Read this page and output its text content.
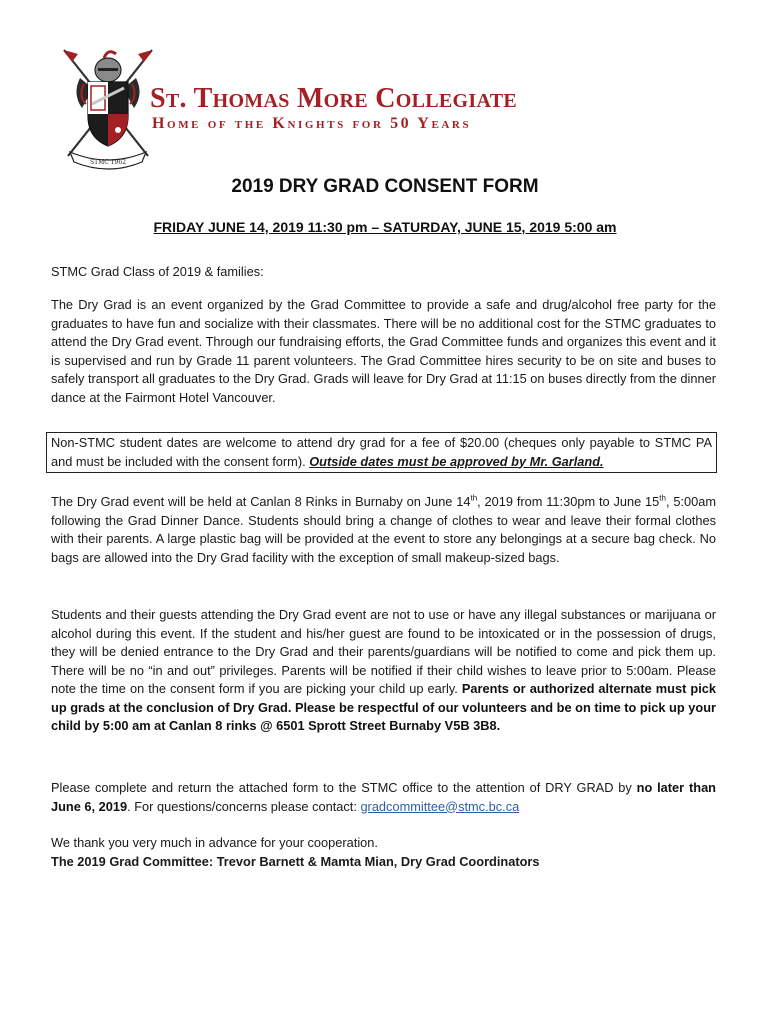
STMC 1962
St. Thomas More Collegiate
Home of the Knights for 50 Years
2019 DRY GRAD CONSENT FORM
FRIDAY JUNE 14, 2019 11:30 pm – SATURDAY, JUNE 15, 2019 5:00 am
STMC Grad Class of 2019 & families:
The Dry Grad is an event organized by the Grad Committee to provide a safe and drug/alcohol free party for the graduates to have fun and socialize with their classmates. There will be no additional cost for the STMC graduates to attend the Dry Grad event. Through our fundraising efforts, the Grad Committee funds and organizes this event and it is supervised and run by Grade 11 parent volunteers. The Grad Committee hires security to be on site and buses to safely transport all graduates to the Dry Grad. Grads will leave for Dry Grad at 11:15 on buses directly from the dinner dance at the Fairmont Hotel Vancouver.
Non-STMC student dates are welcome to attend dry grad for a fee of $20.00 (cheques only payable to STMC PA and must be included with the consent form). Outside dates must be approved by Mr. Garland.
The Dry Grad event will be held at Canlan 8 Rinks in Burnaby on June 14th, 2019 from 11:30pm to June 15th, 5:00am following the Grad Dinner Dance. Students should bring a change of clothes to wear and leave their formal clothes with their parents. A large plastic bag will be provided at the event to store any belongings at a secure bag check. No bags are allowed into the Dry Grad facility with the exception of small makeup-sized bags.
Students and their guests attending the Dry Grad event are not to use or have any illegal substances or marijuana or alcohol during this event. If the student and his/her guest are found to be intoxicated or in the possession of drugs, they will be denied entrance to the Dry Grad and their parents/guardians will be notified to come and pick them up. There will be no “in and out” privileges. Parents will be notified if their child wishes to leave prior to 5:00am. Please note the time on the consent form if you are picking your child up early. Parents or authorized alternate must pick up grads at the conclusion of Dry Grad. Please be respectful of our volunteers and be on time to pick up your child by 5:00 am at Canlan 8 rinks @ 6501 Sprott Street Burnaby V5B 3B8.
Please complete and return the attached form to the STMC office to the attention of DRY GRAD by no later than June 6, 2019. For questions/concerns please contact: gradcommittee@stmc.bc.ca
We thank you very much in advance for your cooperation.
The 2019 Grad Committee: Trevor Barnett & Mamta Mian, Dry Grad Coordinators
